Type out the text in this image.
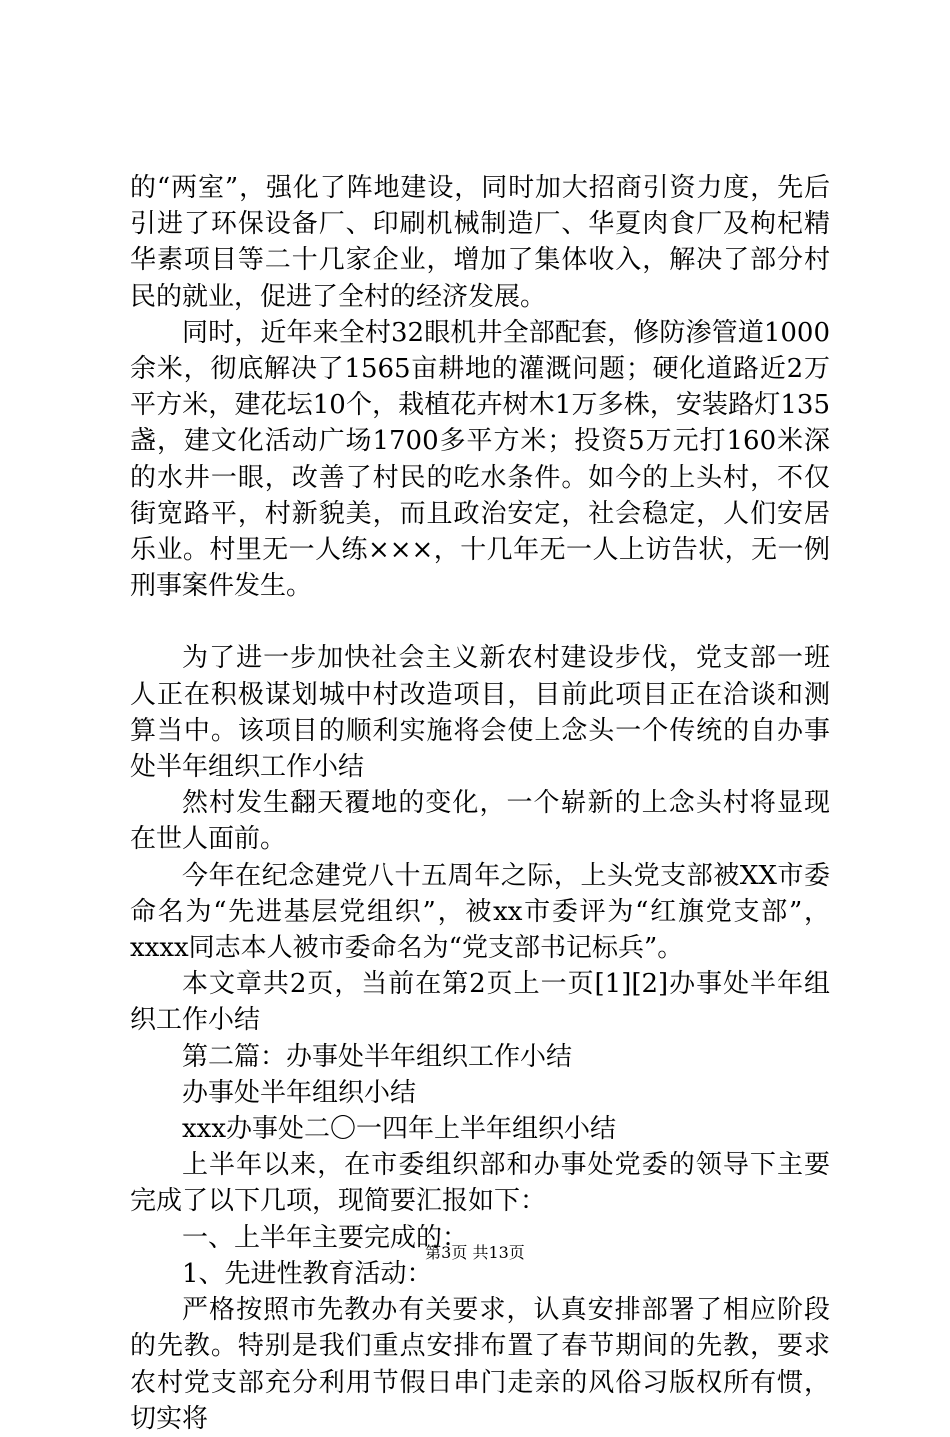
的“两室”，强化了阵地建设，同时加大招商引资力度，先后引进了环保设备厂、印刷机械制造厂、华夏肉食厂及枸杞精华素项目等二十几家企业，增加了集体收入，解决了部分村民的就业，促进了全村的经济发展。

同时，近年来全村32眼机井全部配套，修防渗管道1000余米，彻底解决了1565亩耕地的灌溉问题；硬化道路近2万平方米，建花坛10个，栽植花卉树木1万多株，安装路灯135盏，建文化活动广场1700多平方米；投资5万元打160米深的水井一眼，改善了村民的吃水条件。如今的上头村，不仅街宽路平，村新貌美，而且政治安定，社会稳定，人们安居乐业。村里无一人练×××，十几年无一人上访告状，无一例刑事案件发生。

为了进一步加快社会主义新农村建设步伐，党支部一班人正在积极谋划城中村改造项目，目前此项目正在洽谈和测算当中。该项目的顺利实施将会使上念头一个传统的自办事处半年组织工作小结

然村发生翻天覆地的变化，一个崭新的上念头村将显现在世人面前。

今年在纪念建党八十五周年之际，上头党支部被XX市委命名为“先进基层党组织”，被xx市委评为“红旗党支部”，xxxx同志本人被市委命名为“党支部书记标兵”。

本文章共2页，当前在第2页上一页[1][2]办事处半年组织工作小结

第二篇：办事处半年组织工作小结

办事处半年组织小结

xxx办事处二〇一四年上半年组织小结

上半年以来，在市委组织部和办事处党委的领导下主要完成了以下几项，现简要汇报如下：

一、上半年主要完成的：

1、先进性教育活动：

严格按照市先教办有关要求，认真安排部署了相应阶段的先教。特别是我们重点安排布置了春节期间的先教，要求农村党支部充分利用节假日串门走亲的风俗习版权所有惯，切实将

第3页 共13页
